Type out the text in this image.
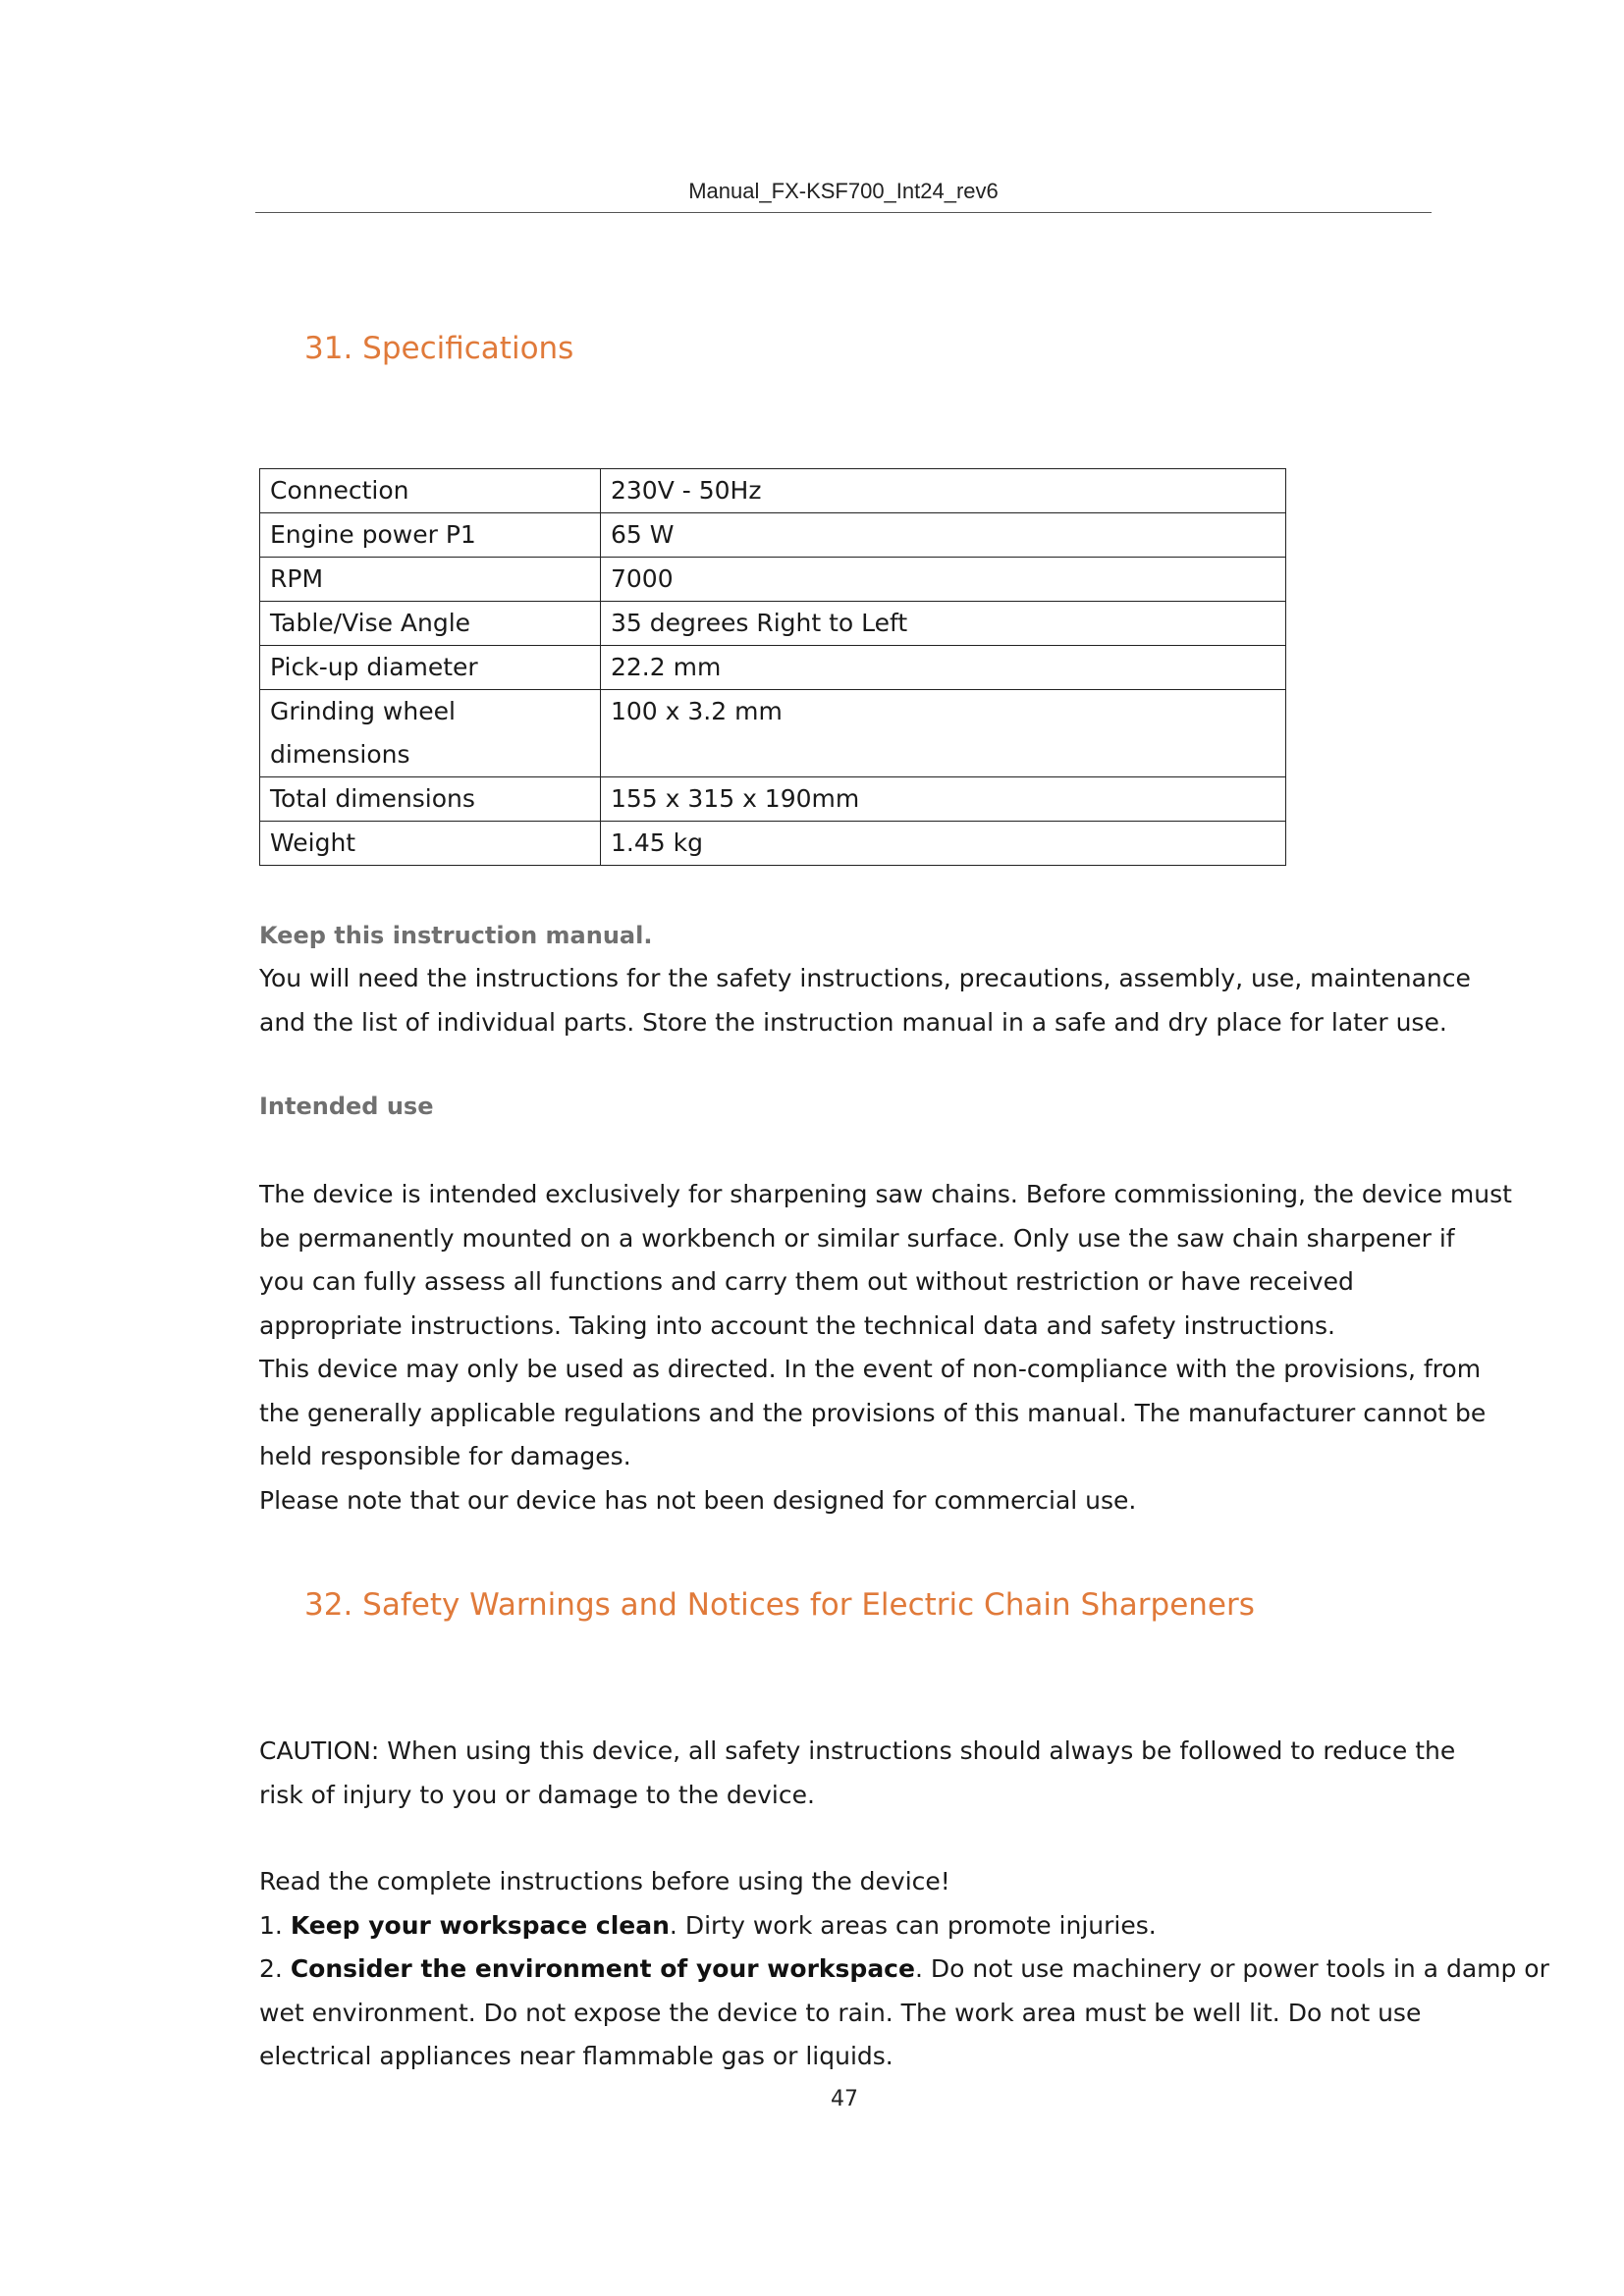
Manual_FX-KSF700_Int24_rev6
31. Specifications
Connection	230V - 50Hz
Engine power P1	65 W
RPM	7000
Table/Vise Angle	35 degrees Right to Left
Pick-up diameter	22.2 mm
Grinding wheel dimensions	100 x 3.2 mm
Total dimensions	155 x 315 x 190mm
Weight	1.45 kg
Keep this instruction manual.
You will need the instructions for the safety instructions, precautions, assembly, use, maintenance
and the list of individual parts. Store the instruction manual in a safe and dry place for later use.
Intended use
The device is intended exclusively for sharpening saw chains. Before commissioning, the device must
be permanently mounted on a workbench or similar surface. Only use the saw chain sharpener if
you can fully assess all functions and carry them out without restriction or have received
appropriate instructions. Taking into account the technical data and safety instructions.
This device may only be used as directed. In the event of non-compliance with the provisions, from
the generally applicable regulations and the provisions of this manual. The manufacturer cannot be
held responsible for damages.
Please note that our device has not been designed for commercial use.
32. Safety Warnings and Notices for Electric Chain Sharpeners
CAUTION: When using this device, all safety instructions should always be followed to reduce the
risk of injury to you or damage to the device.
Read the complete instructions before using the device!
1. Keep your workspace clean. Dirty work areas can promote injuries.
2. Consider the environment of your workspace. Do not use machinery or power tools in a damp or
wet environment. Do not expose the device to rain. The work area must be well lit. Do not use
electrical appliances near flammable gas or liquids.
47
